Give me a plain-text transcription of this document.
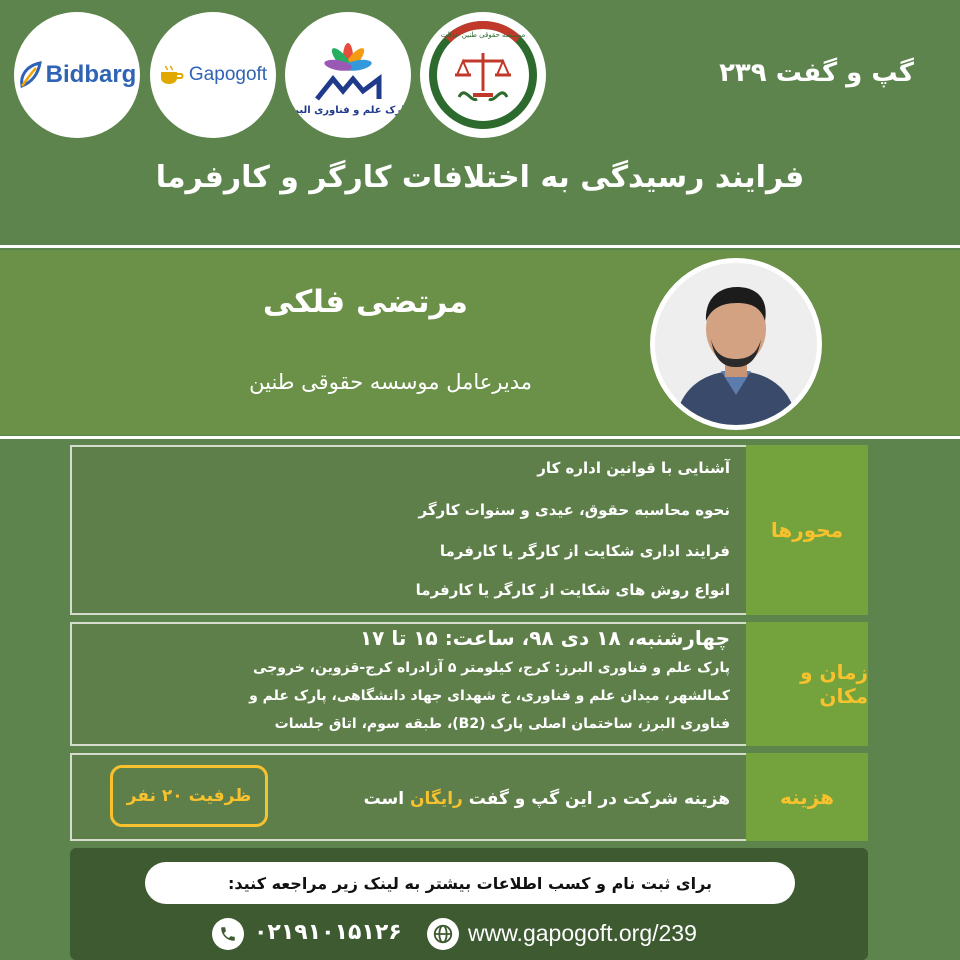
Bidbarg	Gapogoft
پارک علم و فناوری البرز
موسسه حقوقی طنین عدالت
گپ و گفت ۲۳۹
فرایند رسیدگی به اختلافات کارگر و کارفرما
مرتضی فلکی
مدیرعامل موسسه حقوقی طنین
محورها
آشنایی با قوانین اداره کار
نحوه محاسبه حقوق، عیدی و سنوات کارگر
فرایند اداری شکایت از کارگر یا کارفرما
انواع روش های شکایت از کارگر یا کارفرما
زمان و مکان
چهارشنبه، ۱۸ دی ۹۸، ساعت: ۱۵ تا ۱۷
پارک علم و فناوری البرز: کرج، کیلومتر ۵ آزادراه کرج-قزوین، خروجی
کمالشهر، میدان علم و فناوری، خ شهدای جهاد دانشگاهی، پارک علم و
فناوری البرز، ساختمان اصلی پارک (B2)، طبقه سوم، اتاق جلسات
هزینه
هزینه شرکت در این گپ و گفت رایگان است
ظرفیت ۲۰ نفر
برای ثبت نام و کسب اطلاعات بیشتر به لینک زیر مراجعه کنید:
۰۲۱۹۱۰۱۵۱۲۶	www.gapogoft.org/239
